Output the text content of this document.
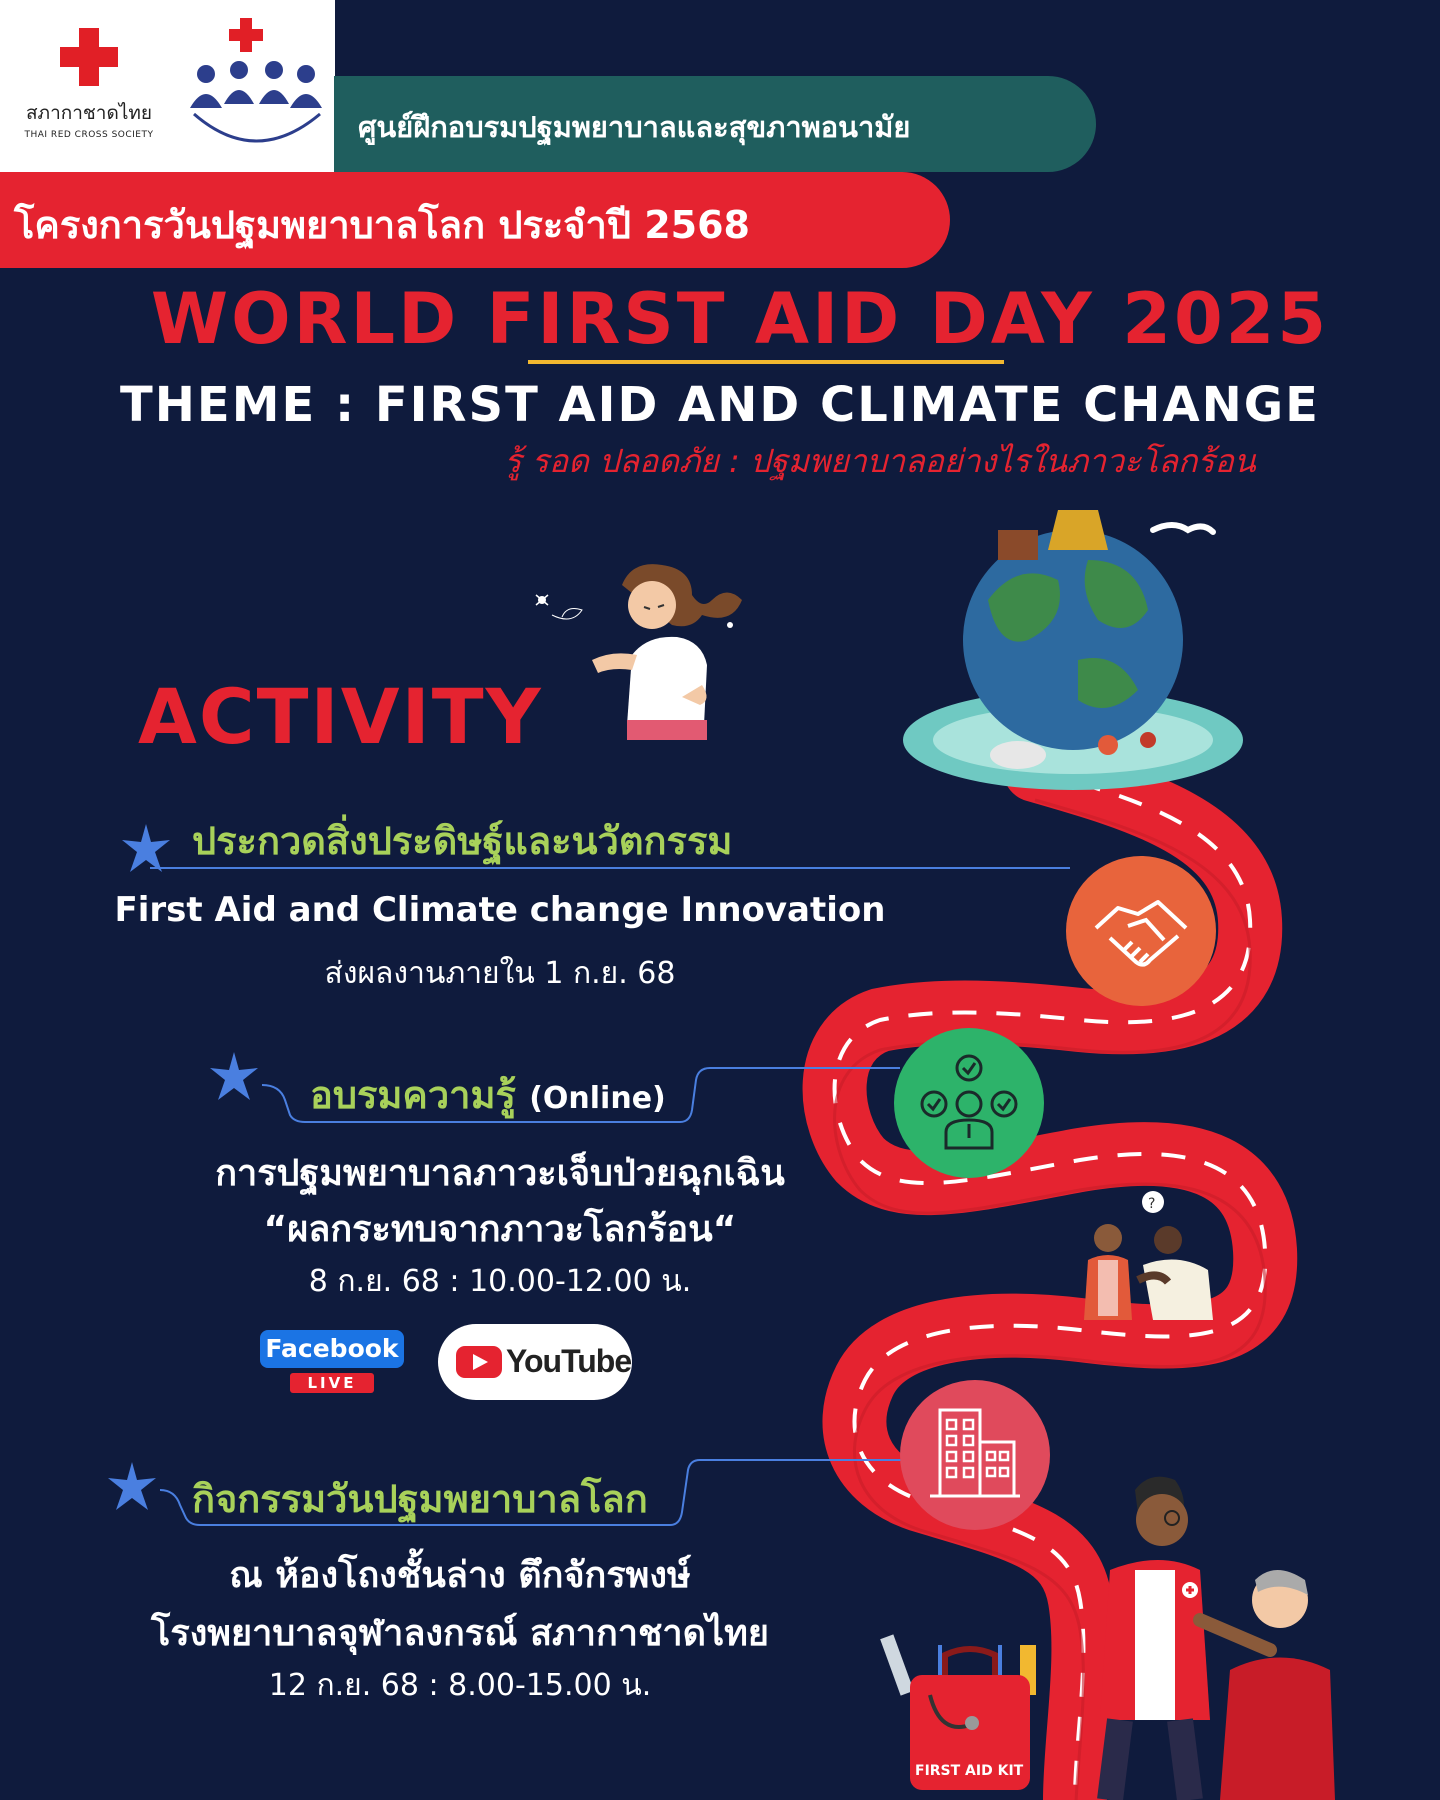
สภากาชาดไทย
THAI RED CROSS SOCIETY	ศูนย์ฝึกอบรมปฐมพยาบาลและสุขภาพอนามัย
โครงการวันปฐมพยาบาลโลก ประจำปี 2568
WORLD FIRST AID DAY 2025
THEME : FIRST AID AND CLIMATE CHANGE
รู้ รอด ปลอดภัย : ปฐมพยาบาลอย่างไรในภาวะโลกร้อน
ACTIVITY
ประกวดสิ่งประดิษฐ์และนวัตกรรม
First Aid and Climate change Innovation
ส่งผลงานภายใน 1 ก.ย. 68
อบรมความรู้ (Online)
การปฐมพยาบาลภาวะเจ็บป่วยฉุกเฉิน
“ผลกระทบจากภาวะโลกร้อน“
8 ก.ย. 68 : 10.00-12.00 น.
Facebook
LIVE
YouTube
?
กิจกรรมวันปฐมพยาบาลโลก
ณ ห้องโถงชั้นล่าง ตึกจักรพงษ์
โรงพยาบาลจุฬาลงกรณ์ สภากาชาดไทย
12 ก.ย. 68 : 8.00-15.00 น.
FIRST AID KIT
